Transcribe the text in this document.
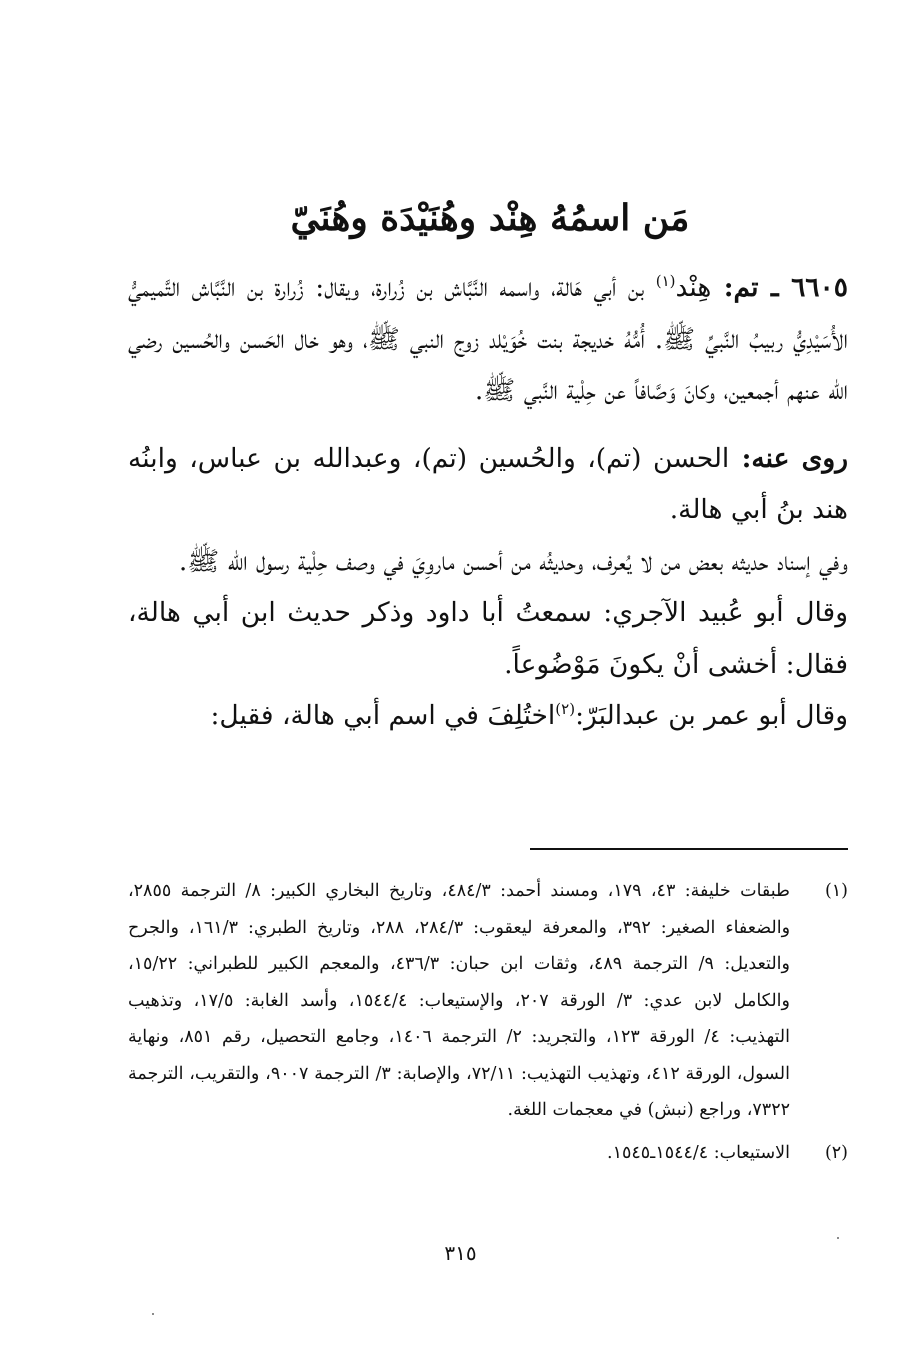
مَن اسمُهُ هِنْد وهُنَيْدَة وهُنَيّ

٦٦٠٥ ـ تم: هِنْد$^{(١)}$ بن أبي هَالة، واسمه النَّبَّاش بن زُرارة، ويقال: زُرارة بن النَّبَّاش التَّميميُّ الأُسَيْدِيُّ ربيبُ النَّبيِّ ﷺ. أُمُّهُ خديجة بنت خُوَيْلد زوج النبي ﷺ، وهو خال الحَسن والحُسين رضي الله عنهم أجمعين، وكانَ وَصَّافاً عن حِلْية النَّبي ﷺ.

روى عنه: الحسن (تم)، والحُسين (تم)، وعبدالله بن عباس، وابنُه هند بنُ أبي هالة.

وفي إسناد حديثه بعض من لا يُعرف، وحديثُه من أحسن ماروِيَ في وصف حِلْية رسول الله ﷺ.

وقال أبو عُبيد الآجري: سمعتُ أبا داود وذكر حديث ابن أبي هالة، فقال: أخشى أنْ يكونَ مَوْضُوعاً.

وقال أبو عمر بن عبدالبَرّ:$^{(٢)}$اختُلِفَ في اسم أبي هالة، فقيل:

(١)
طبقات خليفة: ٤٣، ١٧٩، ومسند أحمد: ٤٨٤/٣، وتاريخ البخاري الكبير: ٨/ الترجمة ٢٨٥٥، والضعفاء الصغير: ٣٩٢، والمعرفة ليعقوب: ٢٨٤/٣، ٢٨٨، وتاريخ الطبري: ١٦١/٣، والجرح والتعديل: ٩/ الترجمة ٤٨٩، وثقات ابن حبان: ٤٣٦/٣، والمعجم الكبير للطبراني: ١٥/٢٢، والكامل لابن عدي: ٣/ الورقة ٢٠٧، والإستيعاب: ١٥٤٤/٤، وأسد الغابة: ١٧/٥، وتذهيب التهذيب: ٤/ الورقة ١٢٣، والتجريد: ٢/ الترجمة ١٤٠٦، وجامع التحصيل، رقم ٨٥١، ونهاية السول، الورقة ٤١٢، وتهذيب التهذيب: ٧٢/١١، والإصابة: ٣/ الترجمة ٩٠٠٧، والتقريب، الترجمة ٧٣٢٢، وراجع (نبش) في معجمات اللغة.

(٢)
الاستيعاب: ١٥٤٤/٤ـ١٥٤٥.

٣١٥
